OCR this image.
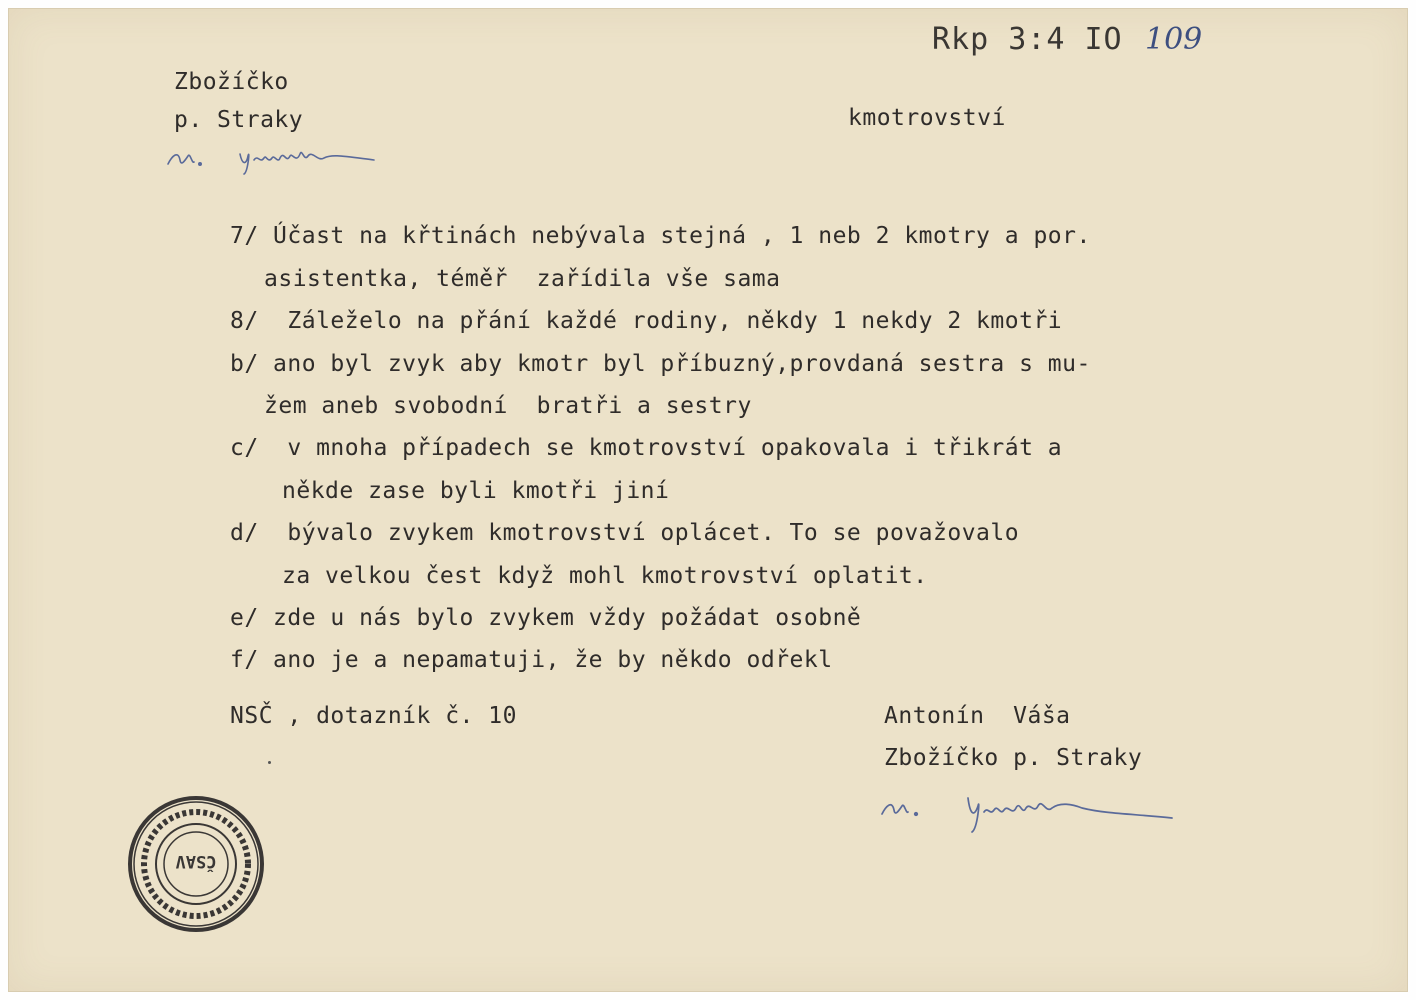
Rkp 3:4 IO 109
Zbožíčko
p. Straky	kmotrovství
7/ Účast na křtinách nebývala stejná , 1 neb 2 kmotry a por.
asistentka, téměř  zařídila vše sama
8/  Záleželo na přání každé rodiny, někdy 1 nekdy 2 kmotři
b/ ano byl zvyk aby kmotr byl příbuzný,provdaná sestra s mu-
žem aneb svobodní  bratři a sestry
c/  v mnoha případech se kmotrovství opakovala i třikrát a
někde zase byli kmotři jiní
d/  bývalo zvykem kmotrovství oplácet. To se považovalo
za velkou čest když mohl kmotrovství oplatit.
e/ zde u nás bylo zvykem vždy požádat osobně
f/ ano je a nepamatuji, že by někdo odřekl
NSČ , dotazník č. 10	Antonín  Váša
Zbožíčko p. Straky
ČSAV
